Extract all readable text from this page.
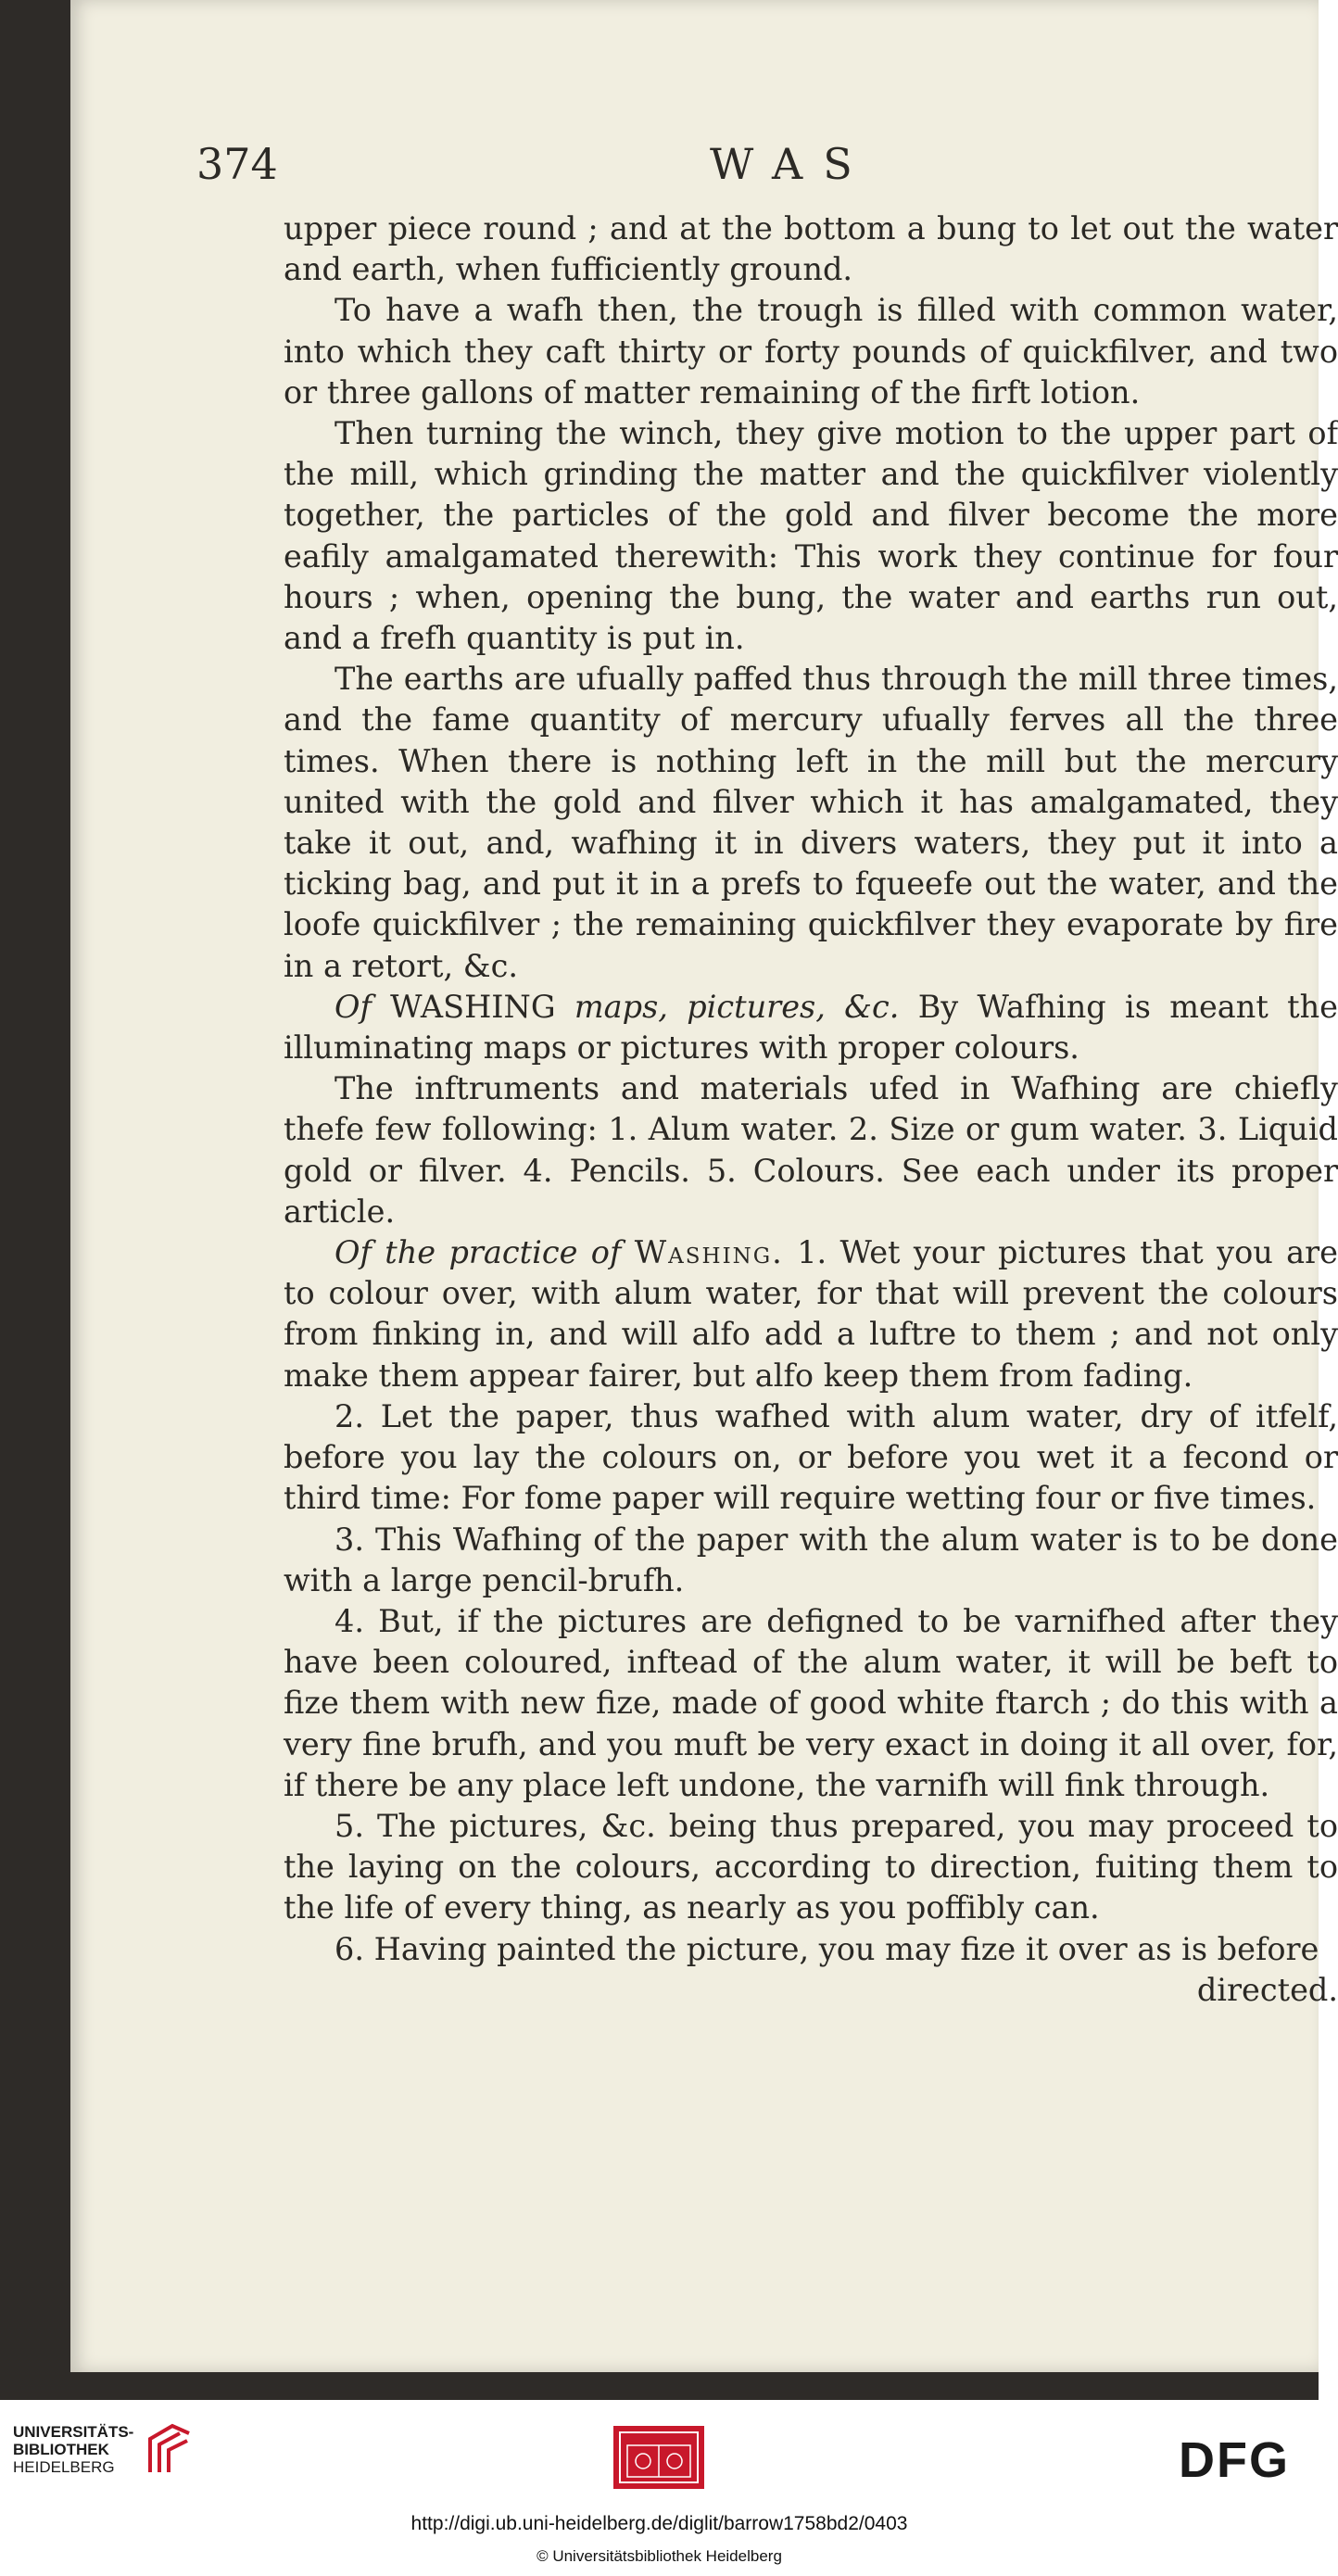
374	WAS

upper piece round ; and at the bottom a bung to let out the water and earth, when fufficiently ground.

To have a wafh then, the trough is filled with common water, into which they caft thirty or forty pounds of quickfilver, and two or three gallons of matter remaining of the firft lotion.

Then turning the winch, they give motion to the upper part of the mill, which grinding the matter and the quickfilver violently together, the particles of the gold and filver become the more eafily amalgamated therewith: This work they continue for four hours ; when, opening the bung, the water and earths run out, and a frefh quantity is put in.

The earths are ufually paffed thus through the mill three times, and the fame quantity of mercury ufually ferves all the three times. When there is nothing left in the mill but the mercury united with the gold and filver which it has amalgamated, they take it out, and, wafhing it in divers waters, they put it into a ticking bag, and put it in a prefs to fqueefe out the water, and the loofe quickfilver ; the remaining quickfilver they evaporate by fire in a retort, &c.

Of WASHING maps, pictures, &c. By Wafhing is meant the illuminating maps or pictures with proper colours.

The inftruments and materials ufed in Wafhing are chiefly thefe few following: 1. Alum water. 2. Size or gum water. 3. Liquid gold or filver. 4. Pencils. 5. Colours. See each under its proper article.

Of the practice of Washing. 1. Wet your pictures that you are to colour over, with alum water, for that will prevent the colours from finking in, and will alfo add a luftre to them ; and not only make them appear fairer, but alfo keep them from fading.

2. Let the paper, thus wafhed with alum water, dry of itfelf, before you lay the colours on, or before you wet it a fecond or third time: For fome paper will require wetting four or five times.

3. This Wafhing of the paper with the alum water is to be done with a large pencil-brufh.

4. But, if the pictures are defigned to be varnifhed after they have been coloured, inftead of the alum water, it will be beft to fize them with new fize, made of good white ftarch ; do this with a very fine brufh, and you muft be very exact in doing it all over, for, if there be any place left undone, the varnifh will fink through.

5. The pictures, &c. being thus prepared, you may proceed to the laying on the colours, according to direction, fuiting them to the life of every thing, as nearly as you poffibly can.

6. Having painted the picture, you may fize it over as is before

directed.

UNIVERSITÄTS-
BIBLIOTHEK
HEIDELBERG	DFG
http://digi.ub.uni-heidelberg.de/diglit/barrow1758bd2/0403
© Universitätsbibliothek Heidelberg
